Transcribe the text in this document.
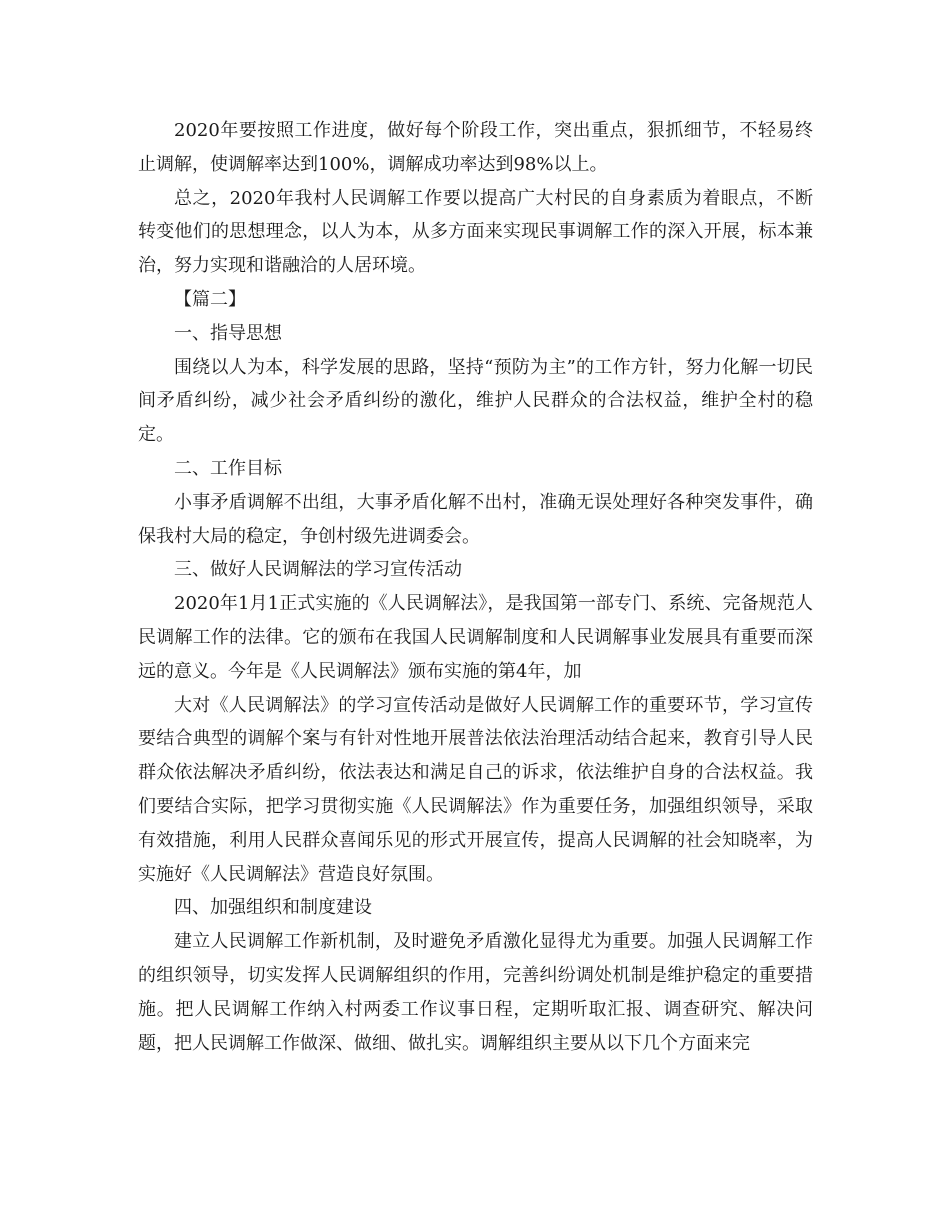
2020年要按照工作进度，做好每个阶段工作，突出重点，狠抓细节，不轻易终止调解，使调解率达到100%，调解成功率达到98%以上。

总之，2020年我村人民调解工作要以提高广大村民的自身素质为着眼点，不断转变他们的思想理念，以人为本，从多方面来实现民事调解工作的深入开展，标本兼治，努力实现和谐融洽的人居环境。

【篇二】

一、指导思想

围绕以人为本，科学发展的思路，坚持“预防为主”的工作方针，努力化解一切民间矛盾纠纷，减少社会矛盾纠纷的激化，维护人民群众的合法权益，维护全村的稳定。

二、工作目标

小事矛盾调解不出组，大事矛盾化解不出村，准确无误处理好各种突发事件，确保我村大局的稳定，争创村级先进调委会。

三、做好人民调解法的学习宣传活动

2020年1月1正式实施的《人民调解法》，是我国第一部专门、系统、完备规范人民调解工作的法律。它的颁布在我国人民调解制度和人民调解事业发展具有重要而深远的意义。今年是《人民调解法》颁布实施的第4年，加

大对《人民调解法》的学习宣传活动是做好人民调解工作的重要环节，学习宣传要结合典型的调解个案与有针对性地开展普法依法治理活动结合起来，教育引导人民群众依法解决矛盾纠纷，依法表达和满足自己的诉求，依法维护自身的合法权益。我们要结合实际，把学习贯彻实施《人民调解法》作为重要任务，加强组织领导，采取有效措施，利用人民群众喜闻乐见的形式开展宣传，提高人民调解的社会知晓率，为实施好《人民调解法》营造良好氛围。

四、加强组织和制度建设

建立人民调解工作新机制，及时避免矛盾激化显得尤为重要。加强人民调解工作的组织领导，切实发挥人民调解组织的作用，完善纠纷调处机制是维护稳定的重要措施。把人民调解工作纳入村两委工作议事日程，定期听取汇报、调查研究、解决问题，把人民调解工作做深、做细、做扎实。调解组织主要从以下几个方面来完
